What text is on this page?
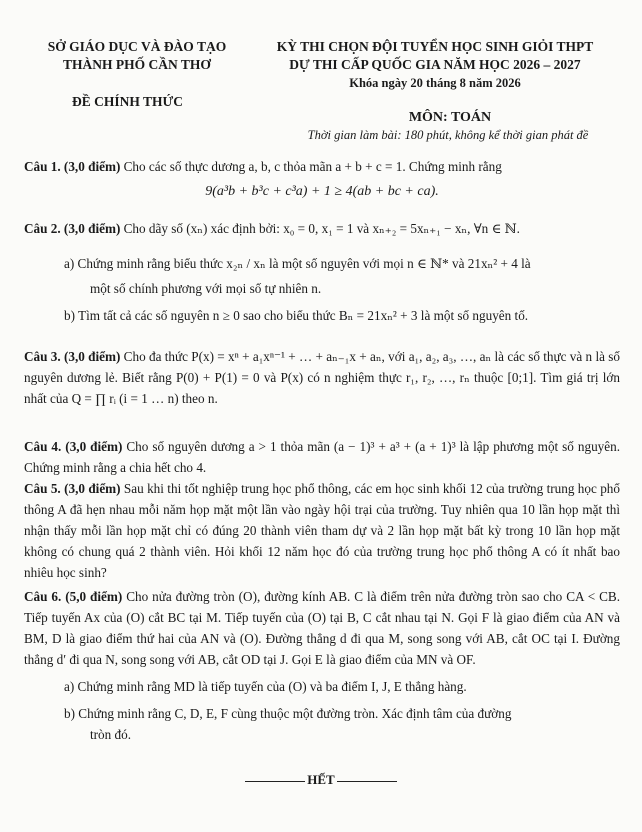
SỞ GIÁO DỤC VÀ ĐÀO TẠO
THÀNH PHỐ CẦN THƠ
ĐỀ CHÍNH THỨC
KỲ THI CHỌN ĐỘI TUYỂN HỌC SINH GIỎI THPT
DỰ THI CẤP QUỐC GIA NĂM HỌC 2026 – 2027
Khóa ngày 20 tháng 8 năm 2026
MÔN: TOÁN
Thời gian làm bài: 180 phút, không kể thời gian phát đề

Câu 1. (3,0 điểm) Cho các số thực dương a, b, c thỏa mãn a + b + c = 1. Chứng minh rằng

9(a³b + b³c + c³a) + 1 ≥ 4(ab + bc + ca).

Câu 2. (3,0 điểm) Cho dãy số (xₙ) xác định bởi: x₀ = 0, x₁ = 1 và xₙ₊₂ = 5xₙ₊₁ − xₙ, ∀n ∈ ℕ.

a) Chứng minh rằng biểu thức x₂ₙ / xₙ là một số nguyên với mọi n ∈ ℕ* và 21xₙ² + 4 là

một số chính phương với mọi số tự nhiên n.

b) Tìm tất cả các số nguyên n ≥ 0 sao cho biểu thức Bₙ = 21xₙ² + 3 là một số nguyên tố.

Câu 3. (3,0 điểm) Cho đa thức P(x) = xⁿ + a₁xⁿ⁻¹ + … + aₙ₋₁x + aₙ, với a₁, a₂, a₃, …, aₙ là các số thực và n là số nguyên dương lẻ. Biết rằng P(0) + P(1) = 0 và P(x) có n nghiệm thực r₁, r₂, …, rₙ thuộc [0;1]. Tìm giá trị lớn nhất của Q = ∏ rᵢ (i = 1 … n) theo n.

Câu 4. (3,0 điểm) Cho số nguyên dương a > 1 thỏa mãn (a − 1)³ + a³ + (a + 1)³ là lập phương một số nguyên. Chứng minh rằng a chia hết cho 4.

Câu 5. (3,0 điểm) Sau khi thi tốt nghiệp trung học phổ thông, các em học sinh khối 12 của trường trung học phổ thông A đã hẹn nhau mỗi năm họp mặt một lần vào ngày hội trại của trường. Tuy nhiên qua 10 lần họp mặt thì nhận thấy mỗi lần họp mặt chỉ có đúng 20 thành viên tham dự và 2 lần họp mặt bất kỳ trong 10 lần họp mặt không có chung quá 2 thành viên. Hỏi khối 12 năm học đó của trường trung học phổ thông A có ít nhất bao nhiêu học sinh?

Câu 6. (5,0 điểm) Cho nửa đường tròn (O), đường kính AB. C là điểm trên nửa đường tròn sao cho CA < CB. Tiếp tuyến Ax của (O) cắt BC tại M. Tiếp tuyến của (O) tại B, C cắt nhau tại N. Gọi F là giao điểm của AN và BM, D là giao điểm thứ hai của AN và (O). Đường thẳng d đi qua M, song song với AB, cắt OC tại I. Đường thẳng d′ đi qua N, song song với AB, cắt OD tại J. Gọi E là giao điểm của MN và OF.

a) Chứng minh rằng MD là tiếp tuyến của (O) và ba điểm I, J, E thẳng hàng.

b) Chứng minh rằng C, D, E, F cùng thuộc một đường tròn. Xác định tâm của đường

tròn đó.

HẾT
